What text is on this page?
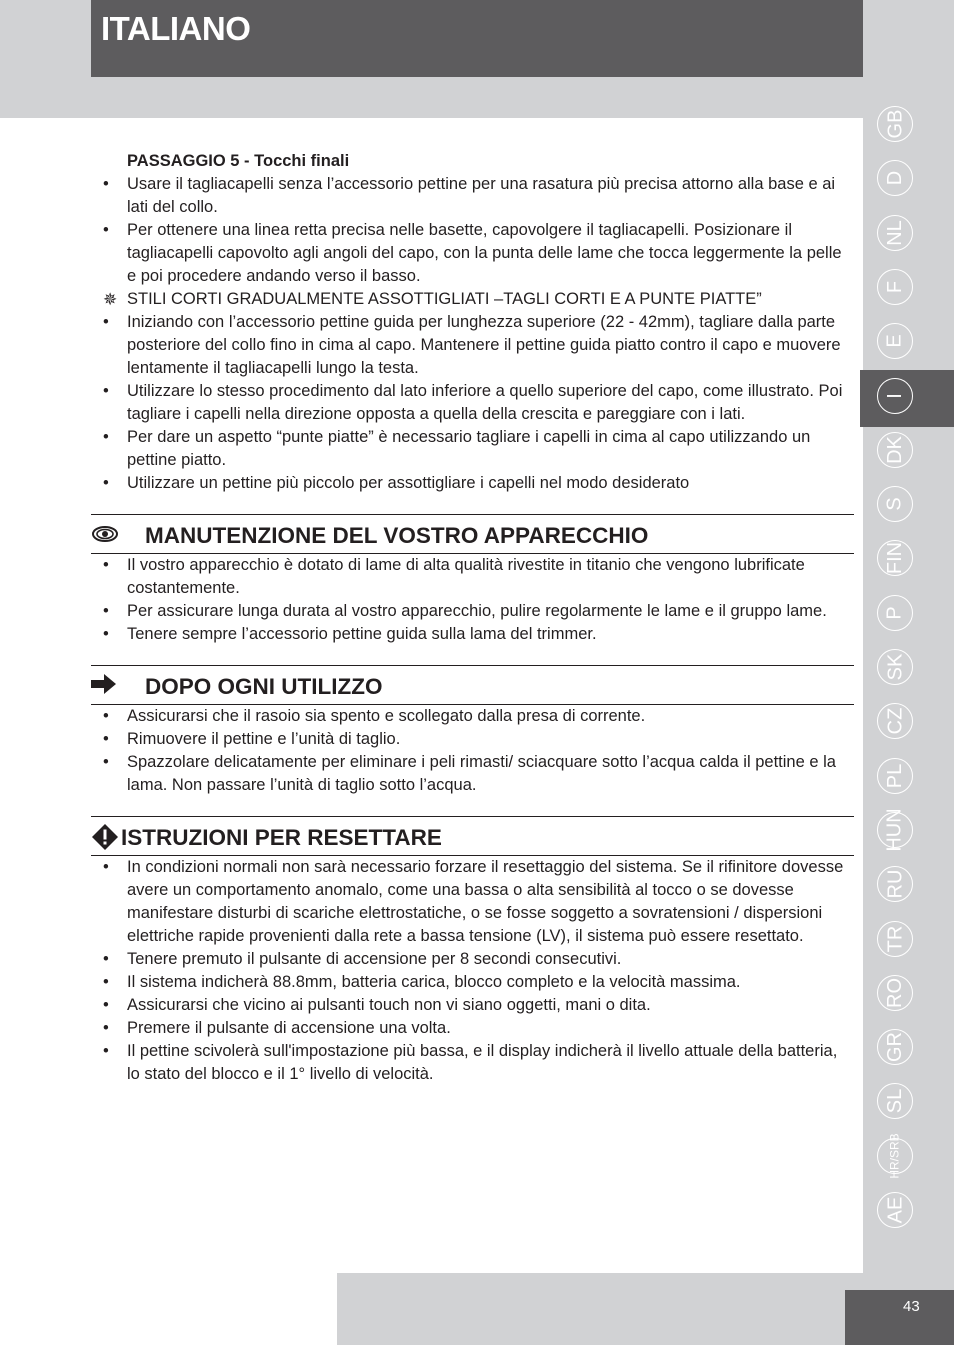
ITALIANO
GB
D
NL
F
E
I
DK
S
FIN
P
SK
CZ
PL
HUN
RU
TR
RO
GR
SL
HR/SRB
AE

PASSAGGIO 5 - Tocchi finali

• Usare il tagliacapelli senza l’accessorio pettine per una rasatura più precisa attorno alla base e ai lati del collo.
• Per ottenere una linea retta precisa nelle basette, capovolgere il tagliacapelli. Posizionare il tagliacapelli capovolto agli angoli del capo, con la punta delle lame che tocca leggermente la pelle e poi procedere andando verso il basso.
✵ STILI CORTI GRADUALMENTE ASSOTTIGLIATI –TAGLI CORTI E A PUNTE PIATTE”
• Iniziando con l’accessorio pettine guida per lunghezza superiore (22 - 42mm), tagliare dalla parte posteriore del collo fino in cima al capo. Mantenere il pettine guida piatto contro il capo e muovere lentamente il tagliacapelli lungo la testa.
• Utilizzare lo stesso procedimento dal lato inferiore a quello superiore del capo, come illustrato. Poi tagliare i capelli nella direzione opposta a quella della crescita e pareggiare con i lati.
• Per dare un aspetto “punte piatte” è necessario tagliare i capelli in cima al capo utilizzando un pettine piatto.
• Utilizzare un pettine più piccolo per assottigliare i capelli nel modo desiderato
MANUTENZIONE DEL VOSTRO APPARECCHIO
• Il vostro apparecchio è dotato di lame di alta qualità rivestite in titanio che vengono lubrificate costantemente.
• Per assicurare lunga durata al vostro apparecchio, pulire regolarmente le lame e il gruppo lame.
• Tenere sempre l’accessorio pettine guida sulla lama del trimmer.
DOPO OGNI UTILIZZO
• Assicurarsi che il rasoio sia spento e scollegato dalla presa di corrente.
• Rimuovere il pettine e l’unità di taglio.
• Spazzolare delicatamente per eliminare i peli rimasti/ sciacquare sotto l’acqua calda il pettine e la lama. Non passare l’unità di taglio sotto l’acqua.
ISTRUZIONI PER RESETTARE
• In condizioni normali non sarà necessario forzare il resettaggio del sistema. Se il rifinitore dovesse avere un comportamento anomalo, come una bassa o alta sensibilità al tocco o se dovesse manifestare disturbi di scariche elettrostatiche, o se fosse soggetto a sovratensioni / dispersioni elettriche rapide provenienti dalla rete a bassa tensione (LV), il sistema può essere resettato.
• Tenere premuto il pulsante di accensione per 8 secondi consecutivi.
• Il sistema indicherà 88.8mm, batteria carica, blocco completo e la velocità massima.
• Assicurarsi che vicino ai pulsanti touch non vi siano oggetti, mani o dita.
• Premere il pulsante di accensione una volta.
• Il pettine scivolerà sull'impostazione più bassa, e il display indicherà il livello attuale della batteria, lo stato del blocco e il 1° livello di velocità.
43
